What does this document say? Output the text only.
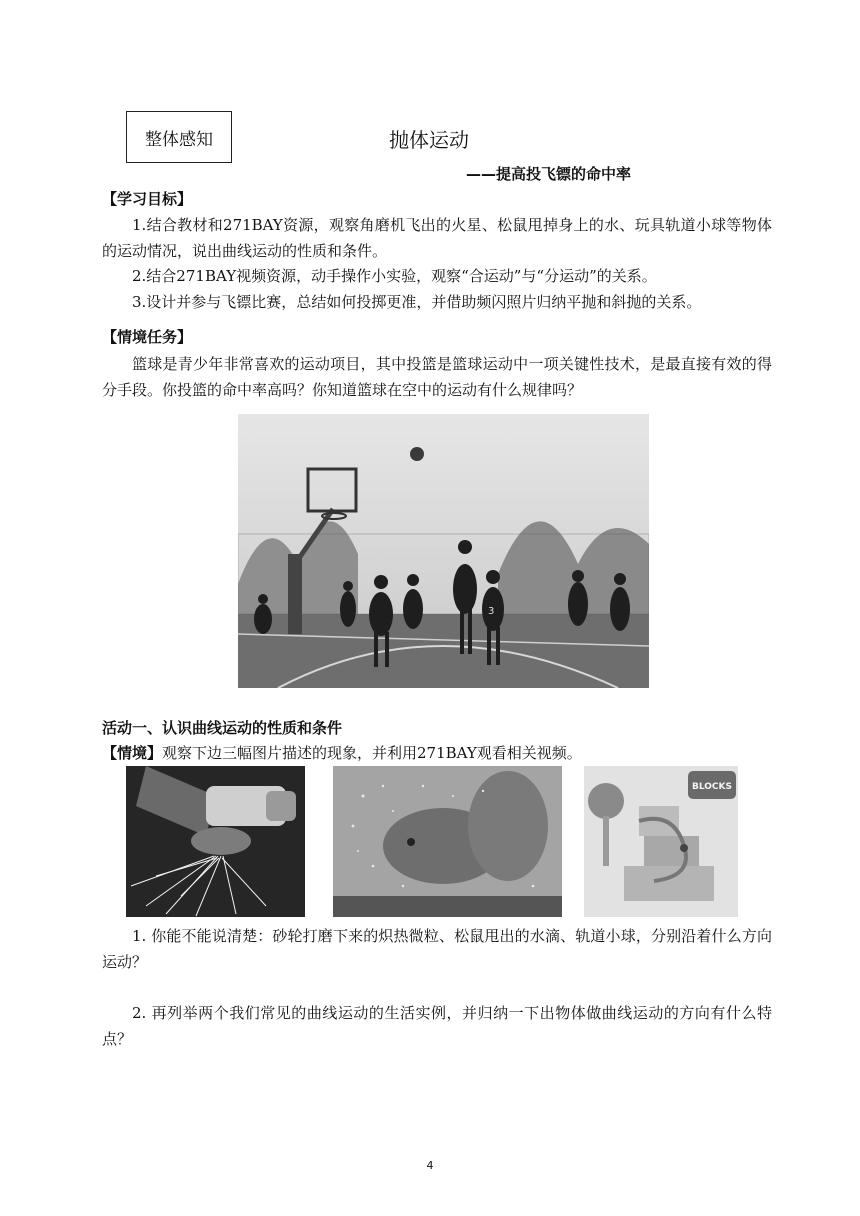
整体感知	抛体运动
——提高投飞镖的命中率
【学习目标】
1.结合教材和271BAY资源，观察角磨机飞出的火星、松鼠甩掉身上的水、玩具轨道小球等物体的运动情况，说出曲线运动的性质和条件。
2.结合271BAY视频资源，动手操作小实验，观察“合运动”与“分运动”的关系。
3.设计并参与飞镖比赛，总结如何投掷更准，并借助频闪照片归纳平抛和斜抛的关系。
【情境任务】
篮球是青少年非常喜欢的运动项目，其中投篮是篮球运动中一项关键性技术，是最直接有效的得分手段。你投篮的命中率高吗？你知道篮球在空中的运动有什么规律吗？
3
活动一、认识曲线运动的性质和条件
【情境】观察下边三幅图片描述的现象，并利用271BAY观看相关视频。
BLOCKS
1. 你能不能说清楚：砂轮打磨下来的炽热微粒、松鼠甩出的水滴、轨道小球，分别沿着什么方向运动？
2. 再列举两个我们常见的曲线运动的生活实例，并归纳一下出物体做曲线运动的方向有什么特点？
4
